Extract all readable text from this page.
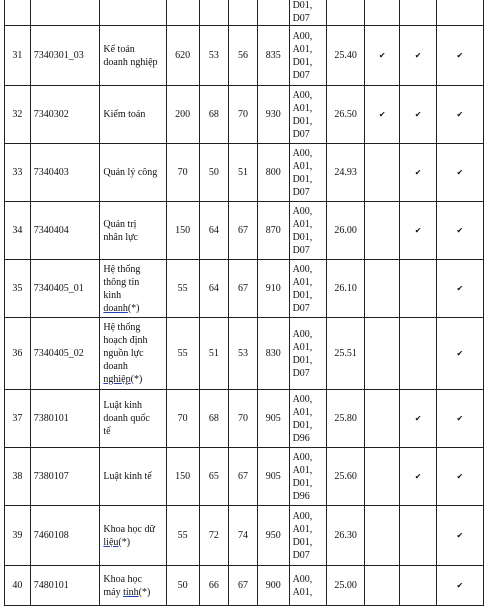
							D01,
D07				

31	7340301_03	Kế toán
doanh nghiệp	620	53	56	835	A00,
A01,
D01,
D07	25.40	✔	✔	✔
32	7340302	Kiểm toán	200	68	70	930	A00,
A01,
D01,
D07	26.50	✔	✔	✔
33	7340403	Quản lý công	70	50	51	800	A00,
A01,
D01,
D07	24.93		✔	✔
34	7340404	Quản trị
nhân lực	150	64	67	870	A00,
A01,
D01,
D07	26.00		✔	✔
35	7340405_01	Hệ thống
thông tin
kinh
doanh(*)	55	64	67	910	A00,
A01,
D01,
D07	26.10			✔
36	7340405_02	Hệ thống
hoạch định
nguồn lực
doanh
nghiệp(*)	55	51	53	830	A00,
A01,
D01,
D07	25.51			✔
37	7380101	Luật kinh
doanh quốc
tế	70	68	70	905	A00,
A01,
D01,
D96	25.80		✔	✔
38	7380107	Luật kinh tế	150	65	67	905	A00,
A01,
D01,
D96	25.60		✔	✔
39	7460108	Khoa học dữ
liệu(*)	55	72	74	950	A00,
A01,
D01,
D07	26.30			✔
40	7480101	Khoa học
máy tính(*)	50	66	67	900	A00,
A01,	25.00			✔
